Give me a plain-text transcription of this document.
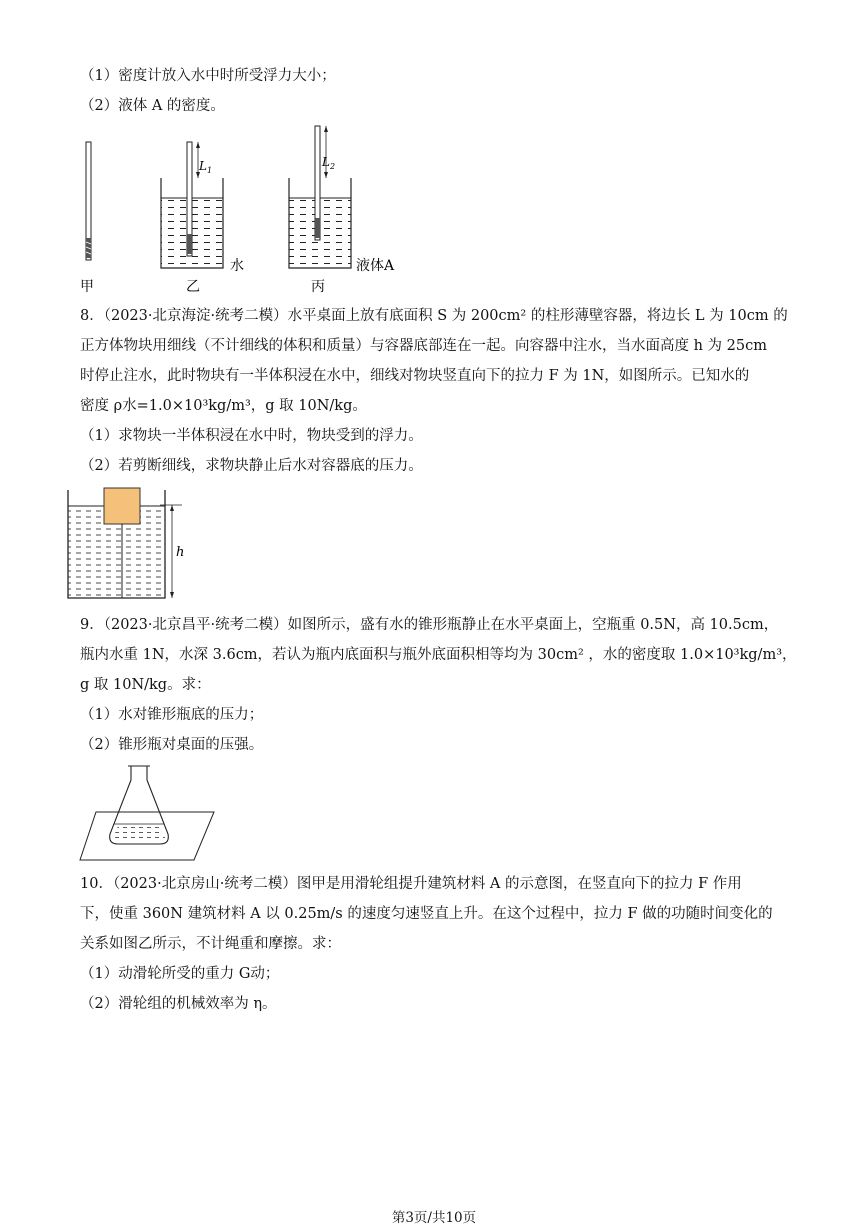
（1）密度计放入水中时所受浮力大小；
（2）液体 A 的密度。
甲
$L_1$
水
乙
$L_2$
液体A
丙
8．（2023·北京海淀·统考二模）水平桌面上放有底面积 S 为 200cm² 的柱形薄壁容器，将边长 L 为 10cm 的
正方体物块用细线（不计细线的体积和质量）与容器底部连在一起。向容器中注水，当水面高度 h 为 25cm
时停止注水，此时物块有一半体积浸在水中，细线对物块竖直向下的拉力 F 为 1N，如图所示。已知水的
密度 ρ水=1.0×10³kg/m³，g 取 10N/kg。
（1）求物块一半体积浸在水中时，物块受到的浮力。
（2）若剪断细线，求物块静止后水对容器底的压力。
h
9．（2023·北京昌平·统考二模）如图所示，盛有水的锥形瓶静止在水平桌面上，空瓶重 0.5N，高 10.5cm，
瓶内水重 1N，水深 3.6cm，若认为瓶内底面积与瓶外底面积相等均为 30cm² ，水的密度取 1.0×10³kg/m³，
g 取 10N/kg。求：
（1）水对锥形瓶底的压力；
（2）锥形瓶对桌面的压强。
10．（2023·北京房山·统考二模）图甲是用滑轮组提升建筑材料 A 的示意图，在竖直向下的拉力 F 作用
下，使重 360N 建筑材料 A 以 0.25m/s 的速度匀速竖直上升。在这个过程中，拉力 F 做的功随时间变化的
关系如图乙所示，不计绳重和摩擦。求：
（1）动滑轮所受的重力 G动；
（2）滑轮组的机械效率为 η。
第3页/共10页
